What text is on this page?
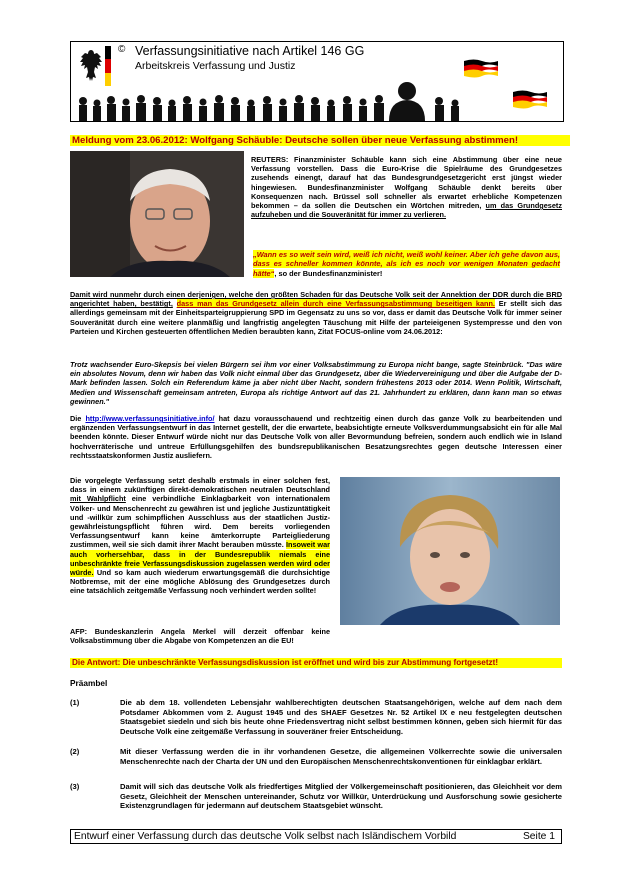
© Verfassungsinitiative nach Artikel 146 GG
Arbeitskreis Verfassung und Justiz
Meldung vom 23.06.2012: Wolfgang Schäuble: Deutsche sollen über neue Verfassung abstimmen!
REUTERS: Finanzminister Schäuble kann sich eine Abstimmung über eine neue Verfassung vorstellen. Dass die Euro-Krise die Spielräume des Grundgesetzes zusehends einengt, darauf hat das Bundesgrundgesetzgericht erst jüngst wieder hingewiesen. Bundesfinanzminister Wolfgang Schäuble denkt bereits über Konsequenzen nach. Brüssel soll schneller als erwartet erhebliche Kompetenzen bekommen – da sollen die Deutschen ein Wörtchen mitreden, um das Grundgesetz aufzuheben und die Souveränität für immer zu verlieren.
„Wann es so weit sein wird, weiß ich nicht, weiß wohl keiner. Aber ich gehe davon aus, dass es schneller kommen könnte, als ich es noch vor wenigen Monaten gedacht hätte“, so der Bundesfinanzminister!
Damit wird nunmehr durch einen derjenigen, welche den größten Schaden für das Deutsche Volk seit der Annektion der DDR durch die BRD angerichtet haben, bestätigt, dass man das Grundgesetz allein durch eine Verfassungsabstimmung beseitigen kann. Er stellt sich das allerdings gemeinsam mit der Einheitsparteigruppierung SPD im Gegensatz zu uns so vor, dass er damit das Deutsche Volk für immer seiner Souveränität durch eine weitere planmäßig und langfristig angelegten Täuschung mit Hilfe der parteieigenen Systempresse und den von Parteien und Kirchen gesteuerten öffentlichen Medien beraubten kann, Zitat FOCUS-online vom 24.06.2012:
Trotz wachsender Euro-Skepsis bei vielen Bürgern sei ihm vor einer Volksabstimmung zu Europa nicht bange, sagte Steinbrück. "Das wäre ein absolutes Novum, denn wir haben das Volk nicht einmal über das Grundgesetz, über die Wiedervereinigung und über die Aufgabe der D-Mark befinden lassen. Solch ein Referendum käme ja aber nicht über Nacht, sondern frühestens 2013 oder 2014. Wenn Politik, Wirtschaft, Medien und Wissenschaft gemeinsam antreten, Europa als richtige Antwort auf das 21. Jahrhundert zu erklären, dann kann man so etwas gewinnen."
Die http://www.verfassungsinitiative.info/ hat dazu vorausschauend und rechtzeitig einen durch das ganze Volk zu bearbeitenden und ergänzenden Verfassungsentwurf in das Internet gestellt, der die erwartete, beabsichtigte erneute Volksverdummungsabsicht ein für alle Mal beenden könnte. Dieser Entwurf würde nicht nur das Deutsche Volk von aller Bevormundung befreien, sondern auch endlich wie in Island hochverräterische und untreue Erfüllungsgehilfen des bundsrepublikanischen Besatzungsrechtes gegen deutsche Interessen einer rechtsstaatskonformen Justiz ausliefern.
Die vorgelegte Verfassung setzt deshalb erstmals in einer solchen fest, dass in einem zukünftigen direkt-demokratischen neutralen Deutschland mit Wahlpflicht eine verbindliche Einklagbarkeit von internationalem Völker- und Menschenrecht zu gewähren ist und jegliche Justizuntätigkeit und -willkür zum schimpflichen Ausschluss aus der staatlichen Justiz-gewährleistungspflicht führen wird. Dem bereits vorliegenden Verfassungsentwurf kann keine ämterkorrupte Parteigliederung zustimmen, weil sie sich damit ihrer Macht berauben müsste. Insoweit war auch vorhersehbar, dass in der Bundesrepublik niemals eine unbeschränkte freie Verfassungsdiskussion zugelassen werden wird oder würde. Und so kam auch wiederum erwartungsgemäß die durchsichtige Notbremse, mit der eine mögliche Ablösung des Grundgesetzes durch eine tatsächlich zeitgemäße Verfassung noch verhindert werden sollte!
AFP: Bundeskanzlerin Angela Merkel will derzeit offenbar keine Volksabstimmung über die Abgabe von Kompetenzen an die EU!
Die Antwort: Die unbeschränkte Verfassungsdiskussion ist eröffnet und wird bis zur Abstimmung fortgesetzt!
Präambel
(1)	Die ab dem 18. vollendeten Lebensjahr wahlberechtigten deutschen Staatsangehörigen, welche auf dem nach dem Potsdamer Abkommen vom 2. August 1945 und des SHAEF Gesetzes Nr. 52 Artikel IX e neu festgelegten deutschen Staatsgebiet siedeln und sich bis heute ohne Friedensvertrag nicht selbst bestimmen können, geben sich hiermit für das Deutsche Volk eine zeitgemäße Verfassung in souveräner freier Entscheidung.
(2)	Mit dieser Verfassung werden die in ihr vorhandenen Gesetze, die allgemeinen Völkerrechte sowie die universalen Menschenrechte nach der Charta der UN und den Europäischen Menschenrechtskonventionen für einklagbar erklärt.
(3)	Damit will sich das deutsche Volk als friedfertiges Mitglied der Völkergemeinschaft positionieren, das Gleichheit vor dem Gesetz, Gleichheit der Menschen untereinander, Schutz vor Willkür, Unterdrückung und Ausforschung sowie gesicherte Existenzgrundlagen für jedermann auf deutschem Staatsgebiet wünscht.
Entwurf einer Verfassung durch das deutsche Volk selbst nach Isländischem Vorbild	Seite 1
